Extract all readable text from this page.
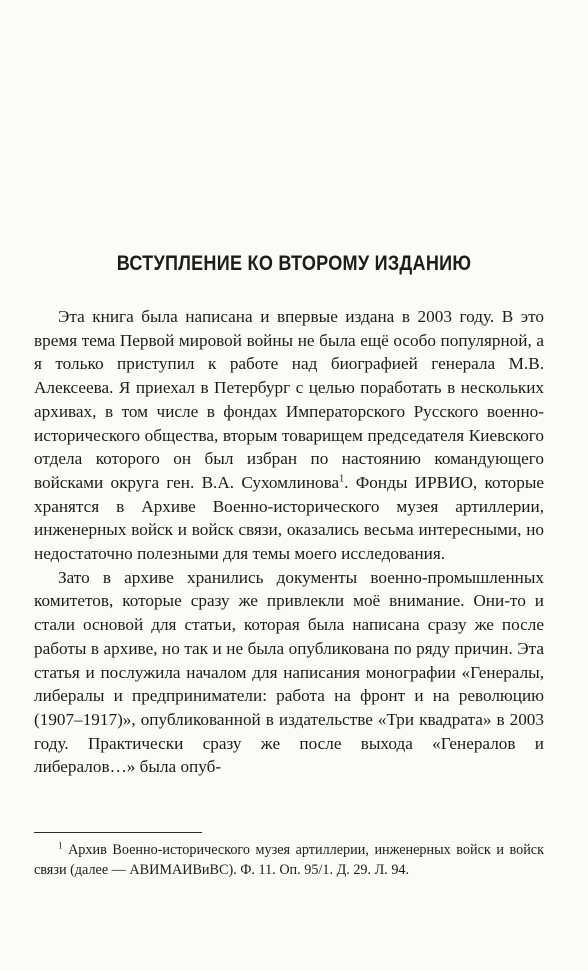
ВСТУПЛЕНИЕ КО ВТОРОМУ ИЗДАНИЮ

Эта книга была написана и впервые издана в 2003 году. В это время тема Первой мировой войны не была ещё особо популярной, а я только приступил к работе над биографией генерала М.В. Алексеева. Я приехал в Петербург с целью поработать в нескольких архивах, в том числе в фондах Императорского Русского военно-исторического общества, вторым товарищем председателя Киевского отдела которого он был избран по настоянию командующего войсками округа ген. В.А. Сухомлинова$^1$. Фонды ИРВИО, которые хранятся в Архиве Военно-исторического музея артиллерии, инженерных войск и войск связи, оказались весьма интересными, но недостаточно полезными для темы моего исследования.

Зато в архиве хранились документы военно-промышленных комитетов, которые сразу же привлекли моё внимание. Они-то и стали основой для статьи, которая была написана сразу же после работы в архиве, но так и не была опубликована по ряду причин. Эта статья и послужила началом для написания монографии «Генералы, либералы и предприниматели: работа на фронт и на революцию (1907–1917)», опубликованной в издательстве «Три квадрата» в 2003 году. Практически сразу же после выхода «Генералов и либералов…» была опуб-

$^1$ Архив Военно-исторического музея артиллерии, инженерных войск и войск связи (далее — АВИМАИВиВС). Ф. 11. Оп. 95/1. Д. 29. Л. 94.
